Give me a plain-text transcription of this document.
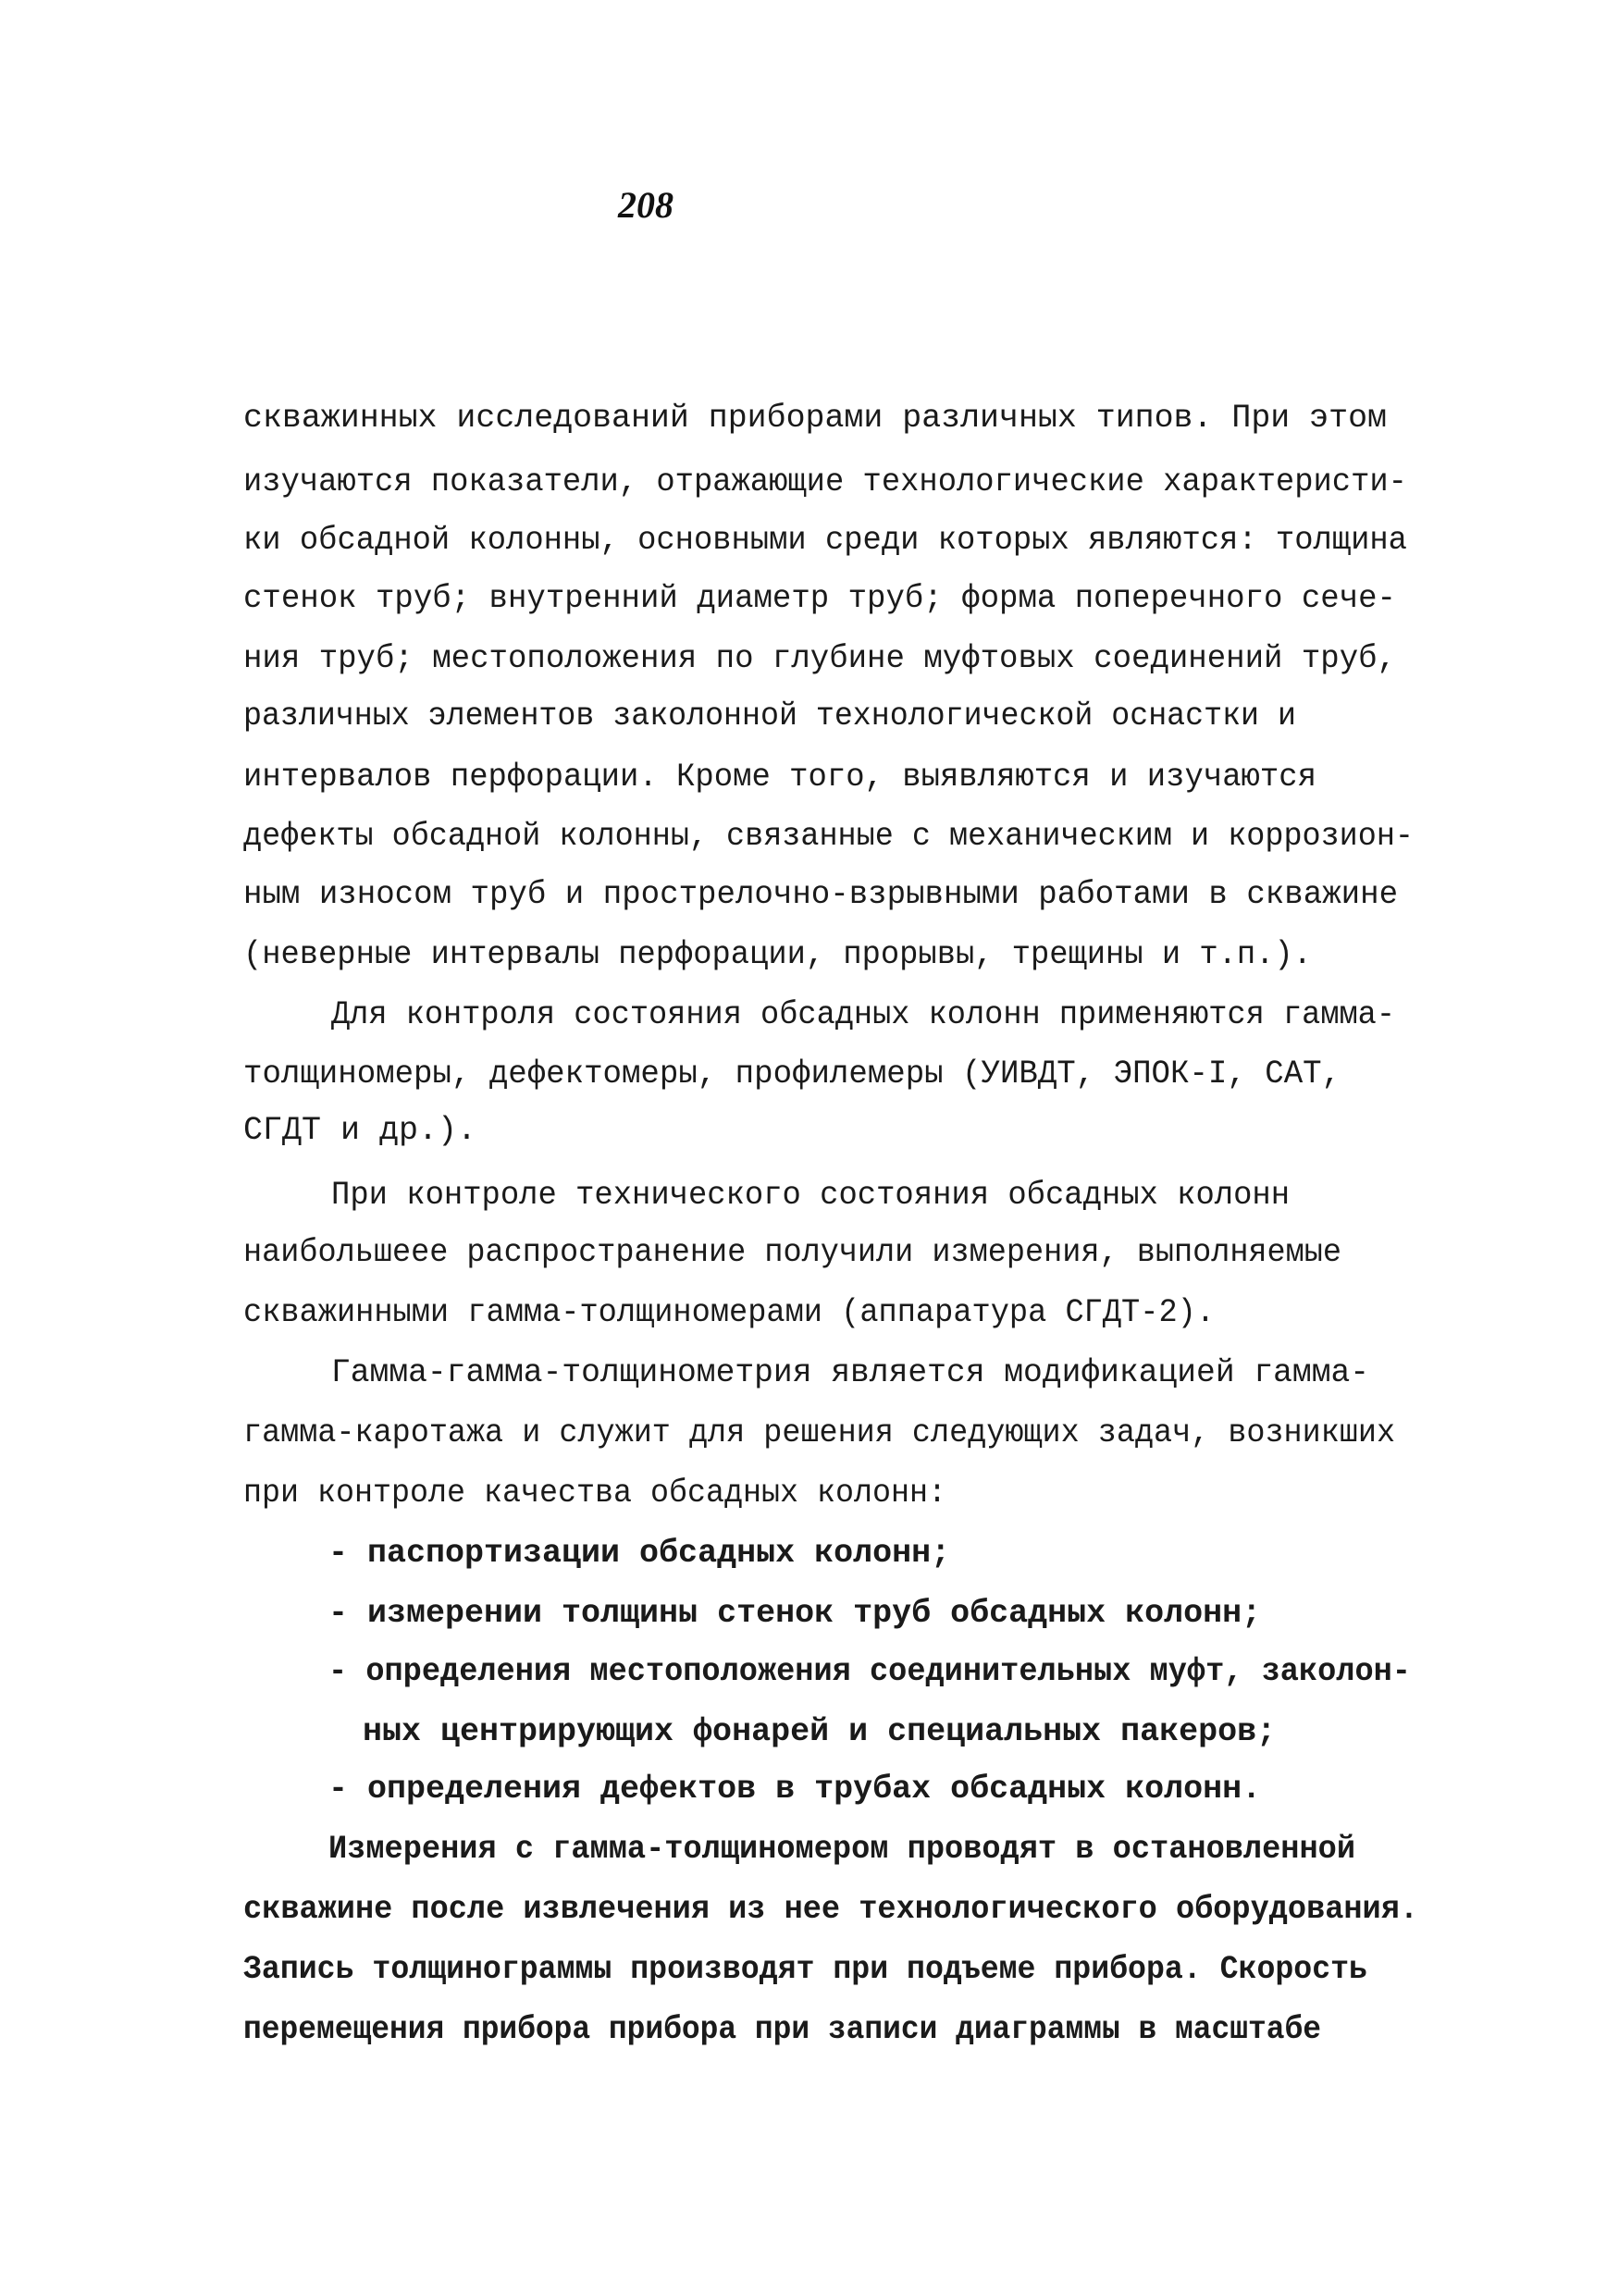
208
скважинных исследований приборами различных типов. При этом
изучаются показатели, отражающие технологические характеристи-
ки обсадной колонны, основными среди которых являются: толщина
стенок труб; внутренний диаметр труб; форма поперечного сече-
ния труб; местоположения по глубине муфтовых соединений труб,
различных элементов заколонной технологической оснастки и
интервалов перфорации. Кроме того, выявляются и изучаются
дефекты обсадной колонны, связанные с механическим и коррозион-
ным износом труб и прострелочно-взрывными работами в скважине
(неверные интервалы перфорации, прорывы, трещины и т.п.).
Для контроля состояния обсадных колонн применяются гамма-
толщиномеры, дефектомеры, профилемеры (УИВДТ, ЭПОК-I, САТ,
СГДТ и др.).
При контроле технического состояния обсадных колонн
наибольшеее распространение получили измерения, выполняемые
скважинными гамма-толщиномерами (аппаратура СГДТ-2).
Гамма-гамма-толщинометрия является модификацией гамма-
гамма-каротажа и служит для решения следующих задач, возникших
при контроле качества обсадных колонн:
- паспортизации обсадных колонн;
- измерении толщины стенок труб обсадных колонн;
- определения местоположения соединительных муфт, заколон-
ных центрирующих фонарей и специальных пакеров;
- определения дефектов в трубах обсадных колонн.
Измерения с гамма-толщиномером проводят в остановленной
скважине после извлечения из нее технологического оборудования.
Запись толщинограммы производят при подъеме прибора. Скорость
перемещения прибора прибора при записи диаграммы в масштабе
